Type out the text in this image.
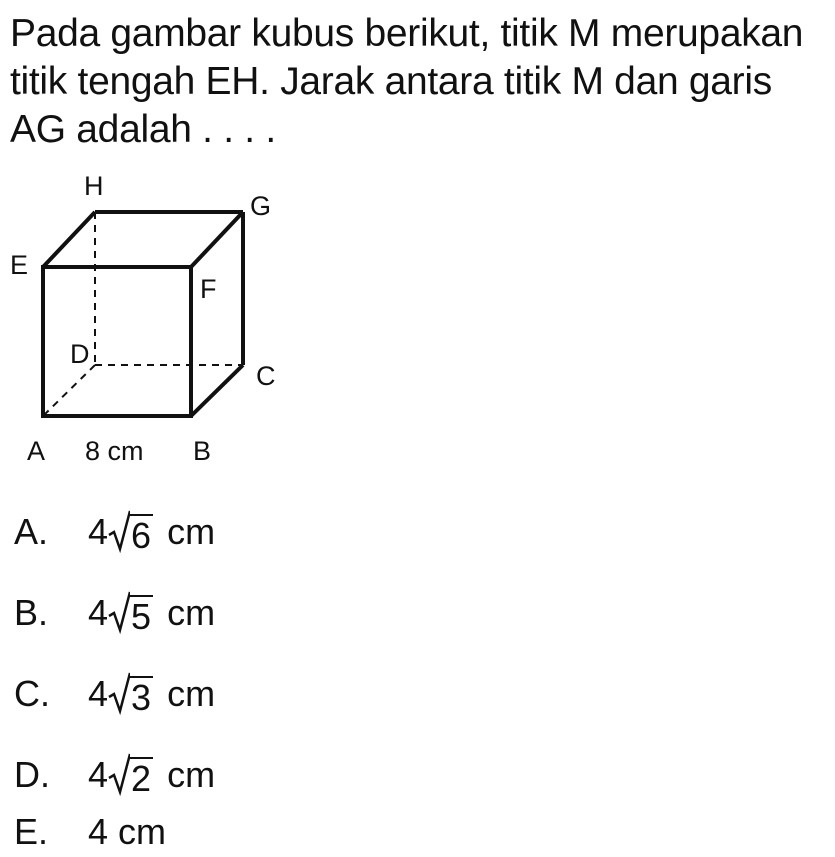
Pada gambar kubus berikut, titik M merupakan
titik tengah EH. Jarak antara titik M dan garis
AG adalah . . . .
H
G
E
F
D
C
A 8 cm B
A. 4 6 cm
B. 4 5 cm
C. 4 3 cm
D. 4 2 cm
E. 4 cm
